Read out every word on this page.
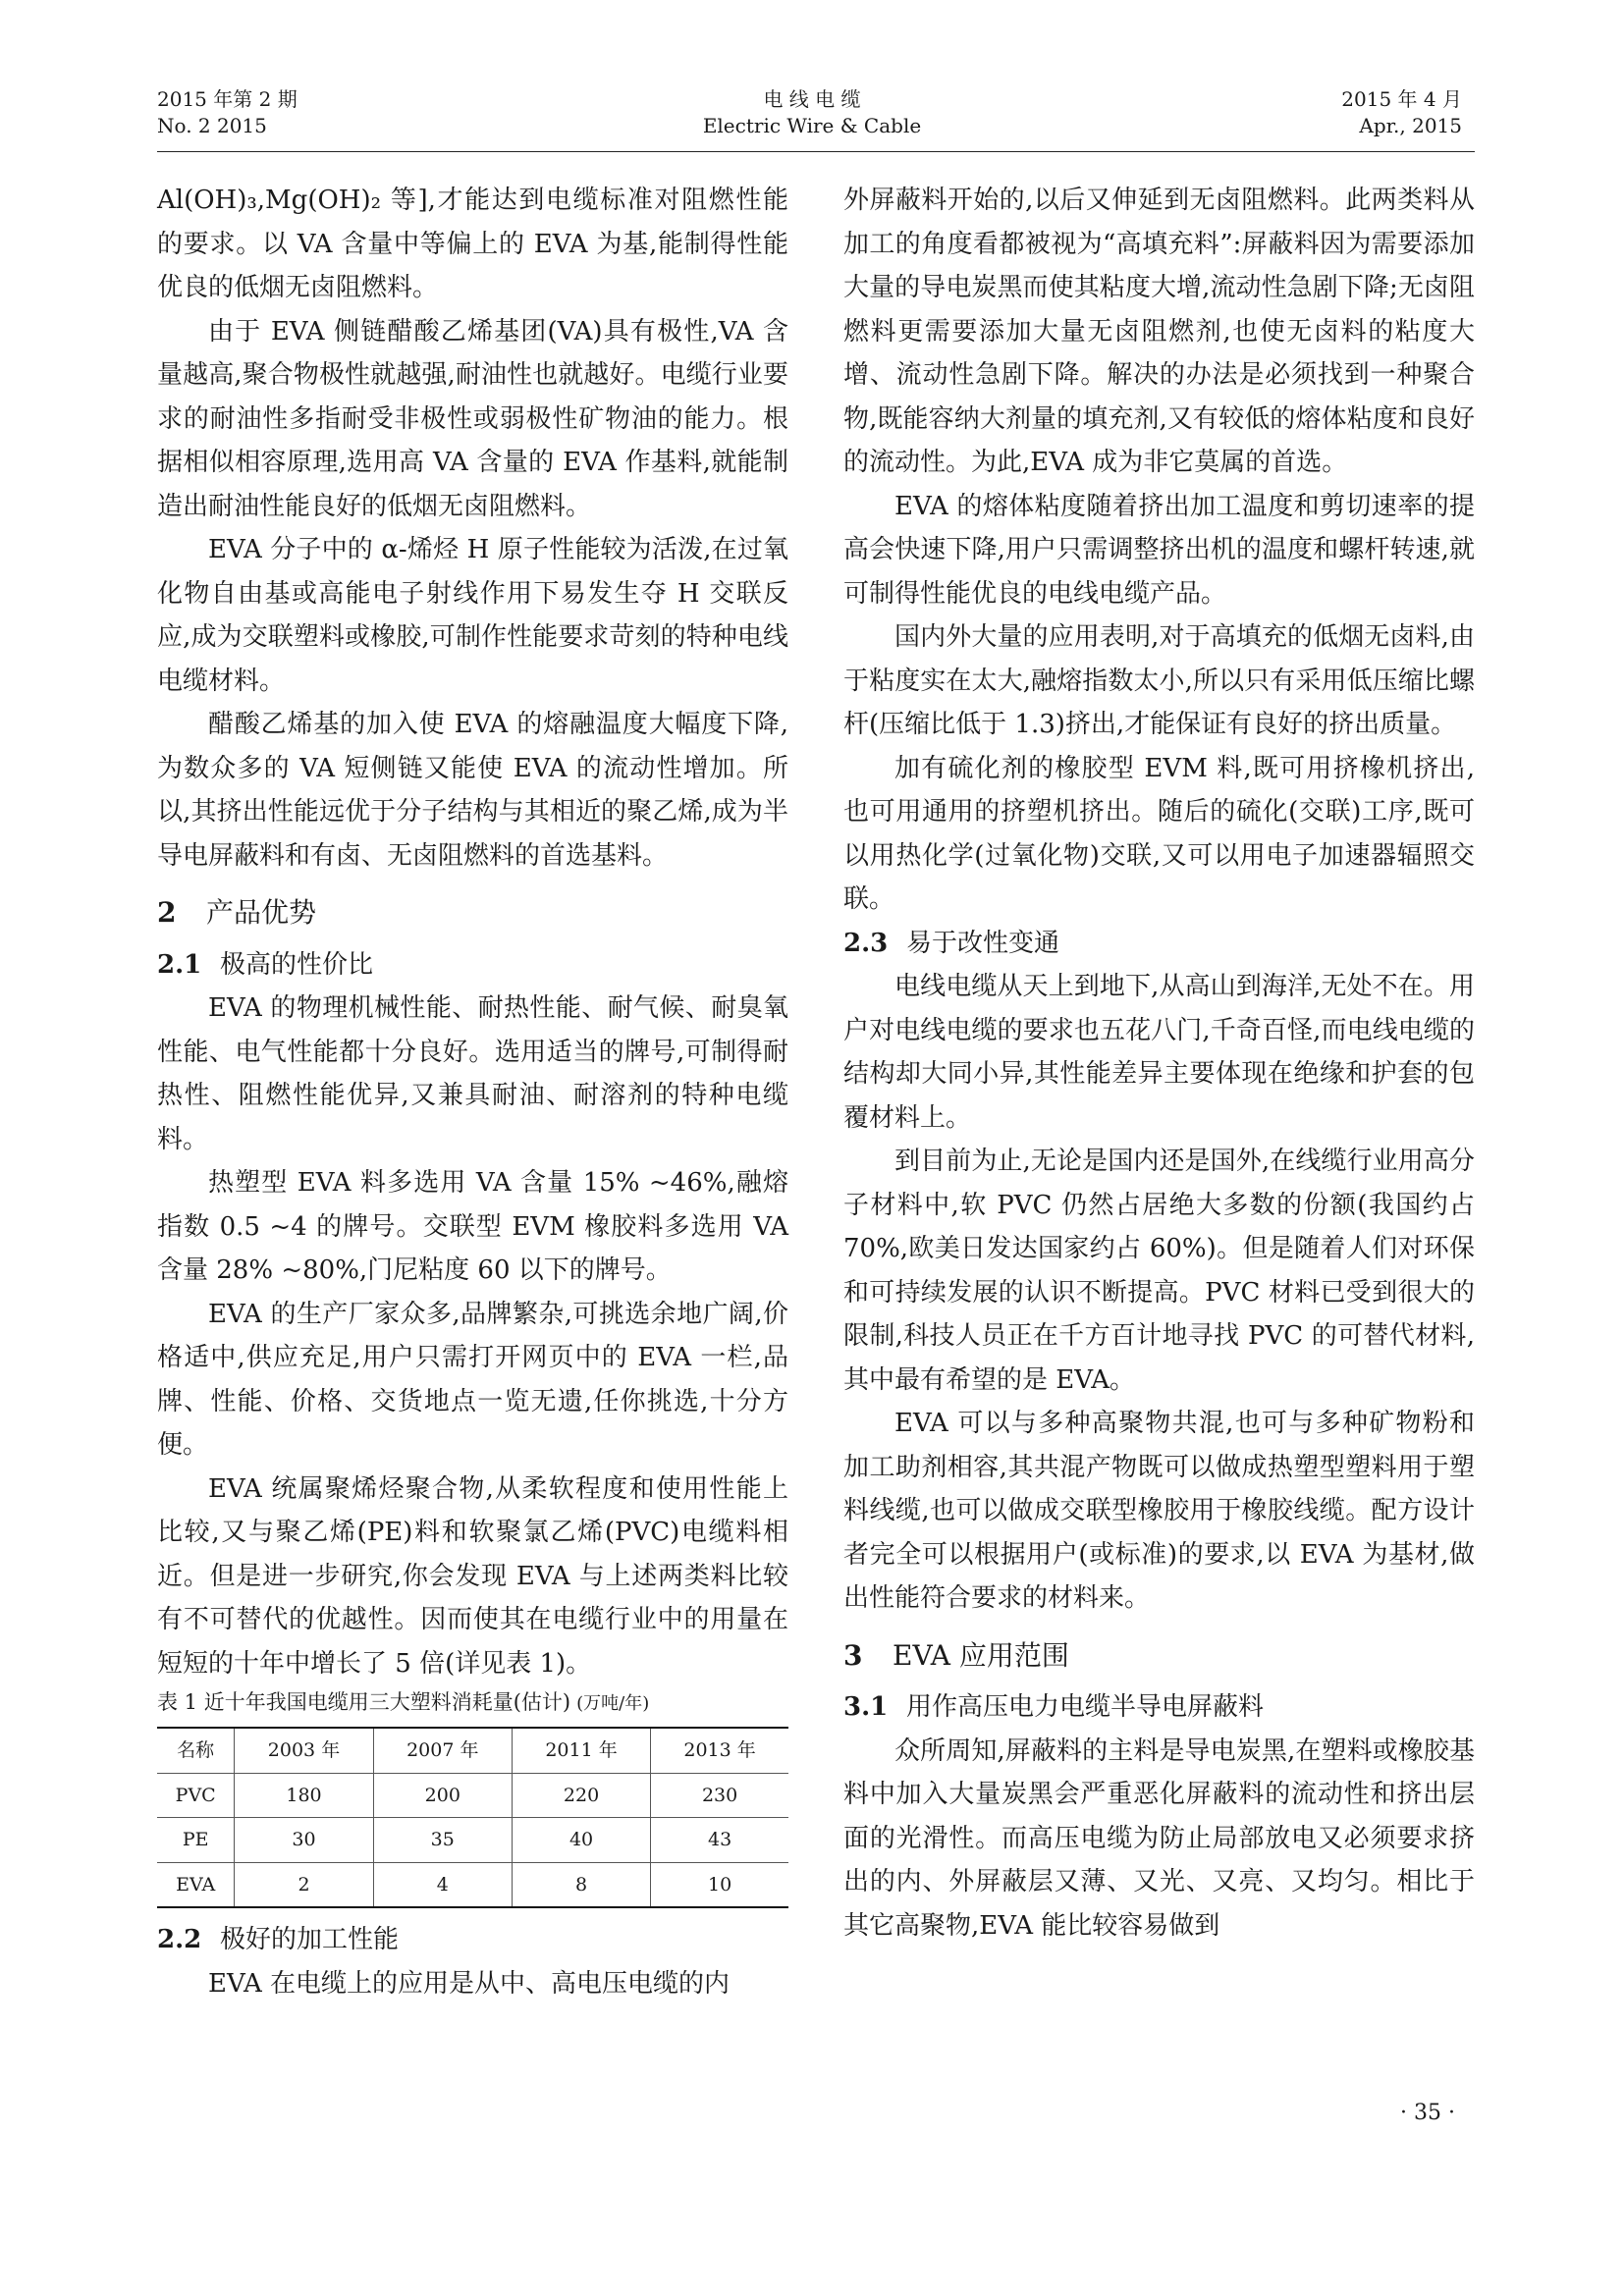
2015 年第 2 期
No. 2 2015
电 线 电 缆
Electric Wire & Cable
2015 年 4 月
Apr., 2015

Al(OH)₃,Mg(OH)₂ 等],才能达到电缆标准对阻燃性能的要求。以 VA 含量中等偏上的 EVA 为基,能制得性能优良的低烟无卤阻燃料。

由于 EVA 侧链醋酸乙烯基团(VA)具有极性,VA 含量越高,聚合物极性就越强,耐油性也就越好。电缆行业要求的耐油性多指耐受非极性或弱极性矿物油的能力。根据相似相容原理,选用高 VA 含量的 EVA 作基料,就能制造出耐油性能良好的低烟无卤阻燃料。

EVA 分子中的 α-烯烃 H 原子性能较为活泼,在过氧化物自由基或高能电子射线作用下易发生夺 H 交联反应,成为交联塑料或橡胶,可制作性能要求苛刻的特种电线电缆材料。

醋酸乙烯基的加入使 EVA 的熔融温度大幅度下降,为数众多的 VA 短侧链又能使 EVA 的流动性增加。所以,其挤出性能远优于分子结构与其相近的聚乙烯,成为半导电屏蔽料和有卤、无卤阻燃料的首选基料。

2 产品优势
2.1 极高的性价比

EVA 的物理机械性能、耐热性能、耐气候、耐臭氧性能、电气性能都十分良好。选用适当的牌号,可制得耐热性、阻燃性能优异,又兼具耐油、耐溶剂的特种电缆料。

热塑型 EVA 料多选用 VA 含量 15% ~46%,融熔指数 0.5 ~4 的牌号。交联型 EVM 橡胶料多选用 VA 含量 28% ~80%,门尼粘度 60 以下的牌号。

EVA 的生产厂家众多,品牌繁杂,可挑选余地广阔,价格适中,供应充足,用户只需打开网页中的 EVA 一栏,品牌、性能、价格、交货地点一览无遗,任你挑选,十分方便。

EVA 统属聚烯烃聚合物,从柔软程度和使用性能上比较,又与聚乙烯(PE)料和软聚氯乙烯(PVC)电缆料相近。但是进一步研究,你会发现 EVA 与上述两类料比较有不可替代的优越性。因而使其在电缆行业中的用量在短短的十年中增长了 5 倍(详见表 1)。

表 1 近十年我国电缆用三大塑料消耗量(估计) (万吨/年)
名称	2003 年	2007 年	2011 年	2013 年
PVC	180	200	220	230
PE	30	35	40	43
EVA	2	4	8	10
2.2 极好的加工性能

EVA 在电缆上的应用是从中、高电压电缆的内

外屏蔽料开始的,以后又伸延到无卤阻燃料。此两类料从加工的角度看都被视为“高填充料”:屏蔽料因为需要添加大量的导电炭黑而使其粘度大增,流动性急剧下降;无卤阻燃料更需要添加大量无卤阻燃剂,也使无卤料的粘度大增、流动性急剧下降。解决的办法是必须找到一种聚合物,既能容纳大剂量的填充剂,又有较低的熔体粘度和良好的流动性。为此,EVA 成为非它莫属的首选。

EVA 的熔体粘度随着挤出加工温度和剪切速率的提高会快速下降,用户只需调整挤出机的温度和螺杆转速,就可制得性能优良的电线电缆产品。

国内外大量的应用表明,对于高填充的低烟无卤料,由于粘度实在太大,融熔指数太小,所以只有采用低压缩比螺杆(压缩比低于 1.3)挤出,才能保证有良好的挤出质量。

加有硫化剂的橡胶型 EVM 料,既可用挤橡机挤出,也可用通用的挤塑机挤出。随后的硫化(交联)工序,既可以用热化学(过氧化物)交联,又可以用电子加速器辐照交联。

2.3 易于改性变通

电线电缆从天上到地下,从高山到海洋,无处不在。用户对电线电缆的要求也五花八门,千奇百怪,而电线电缆的结构却大同小异,其性能差异主要体现在绝缘和护套的包覆材料上。

到目前为止,无论是国内还是国外,在线缆行业用高分子材料中,软 PVC 仍然占居绝大多数的份额(我国约占 70%,欧美日发达国家约占 60%)。但是随着人们对环保和可持续发展的认识不断提高。PVC 材料已受到很大的限制,科技人员正在千方百计地寻找 PVC 的可替代材料,其中最有希望的是 EVA。

EVA 可以与多种高聚物共混,也可与多种矿物粉和加工助剂相容,其共混产物既可以做成热塑型塑料用于塑料线缆,也可以做成交联型橡胶用于橡胶线缆。配方设计者完全可以根据用户(或标准)的要求,以 EVA 为基材,做出性能符合要求的材料来。

3 EVA 应用范围
3.1 用作高压电力电缆半导电屏蔽料

众所周知,屏蔽料的主料是导电炭黑,在塑料或橡胶基料中加入大量炭黑会严重恶化屏蔽料的流动性和挤出层面的光滑性。而高压电缆为防止局部放电又必须要求挤出的内、外屏蔽层又薄、又光、又亮、又均匀。相比于其它高聚物,EVA 能比较容易做到

· 35 ·
